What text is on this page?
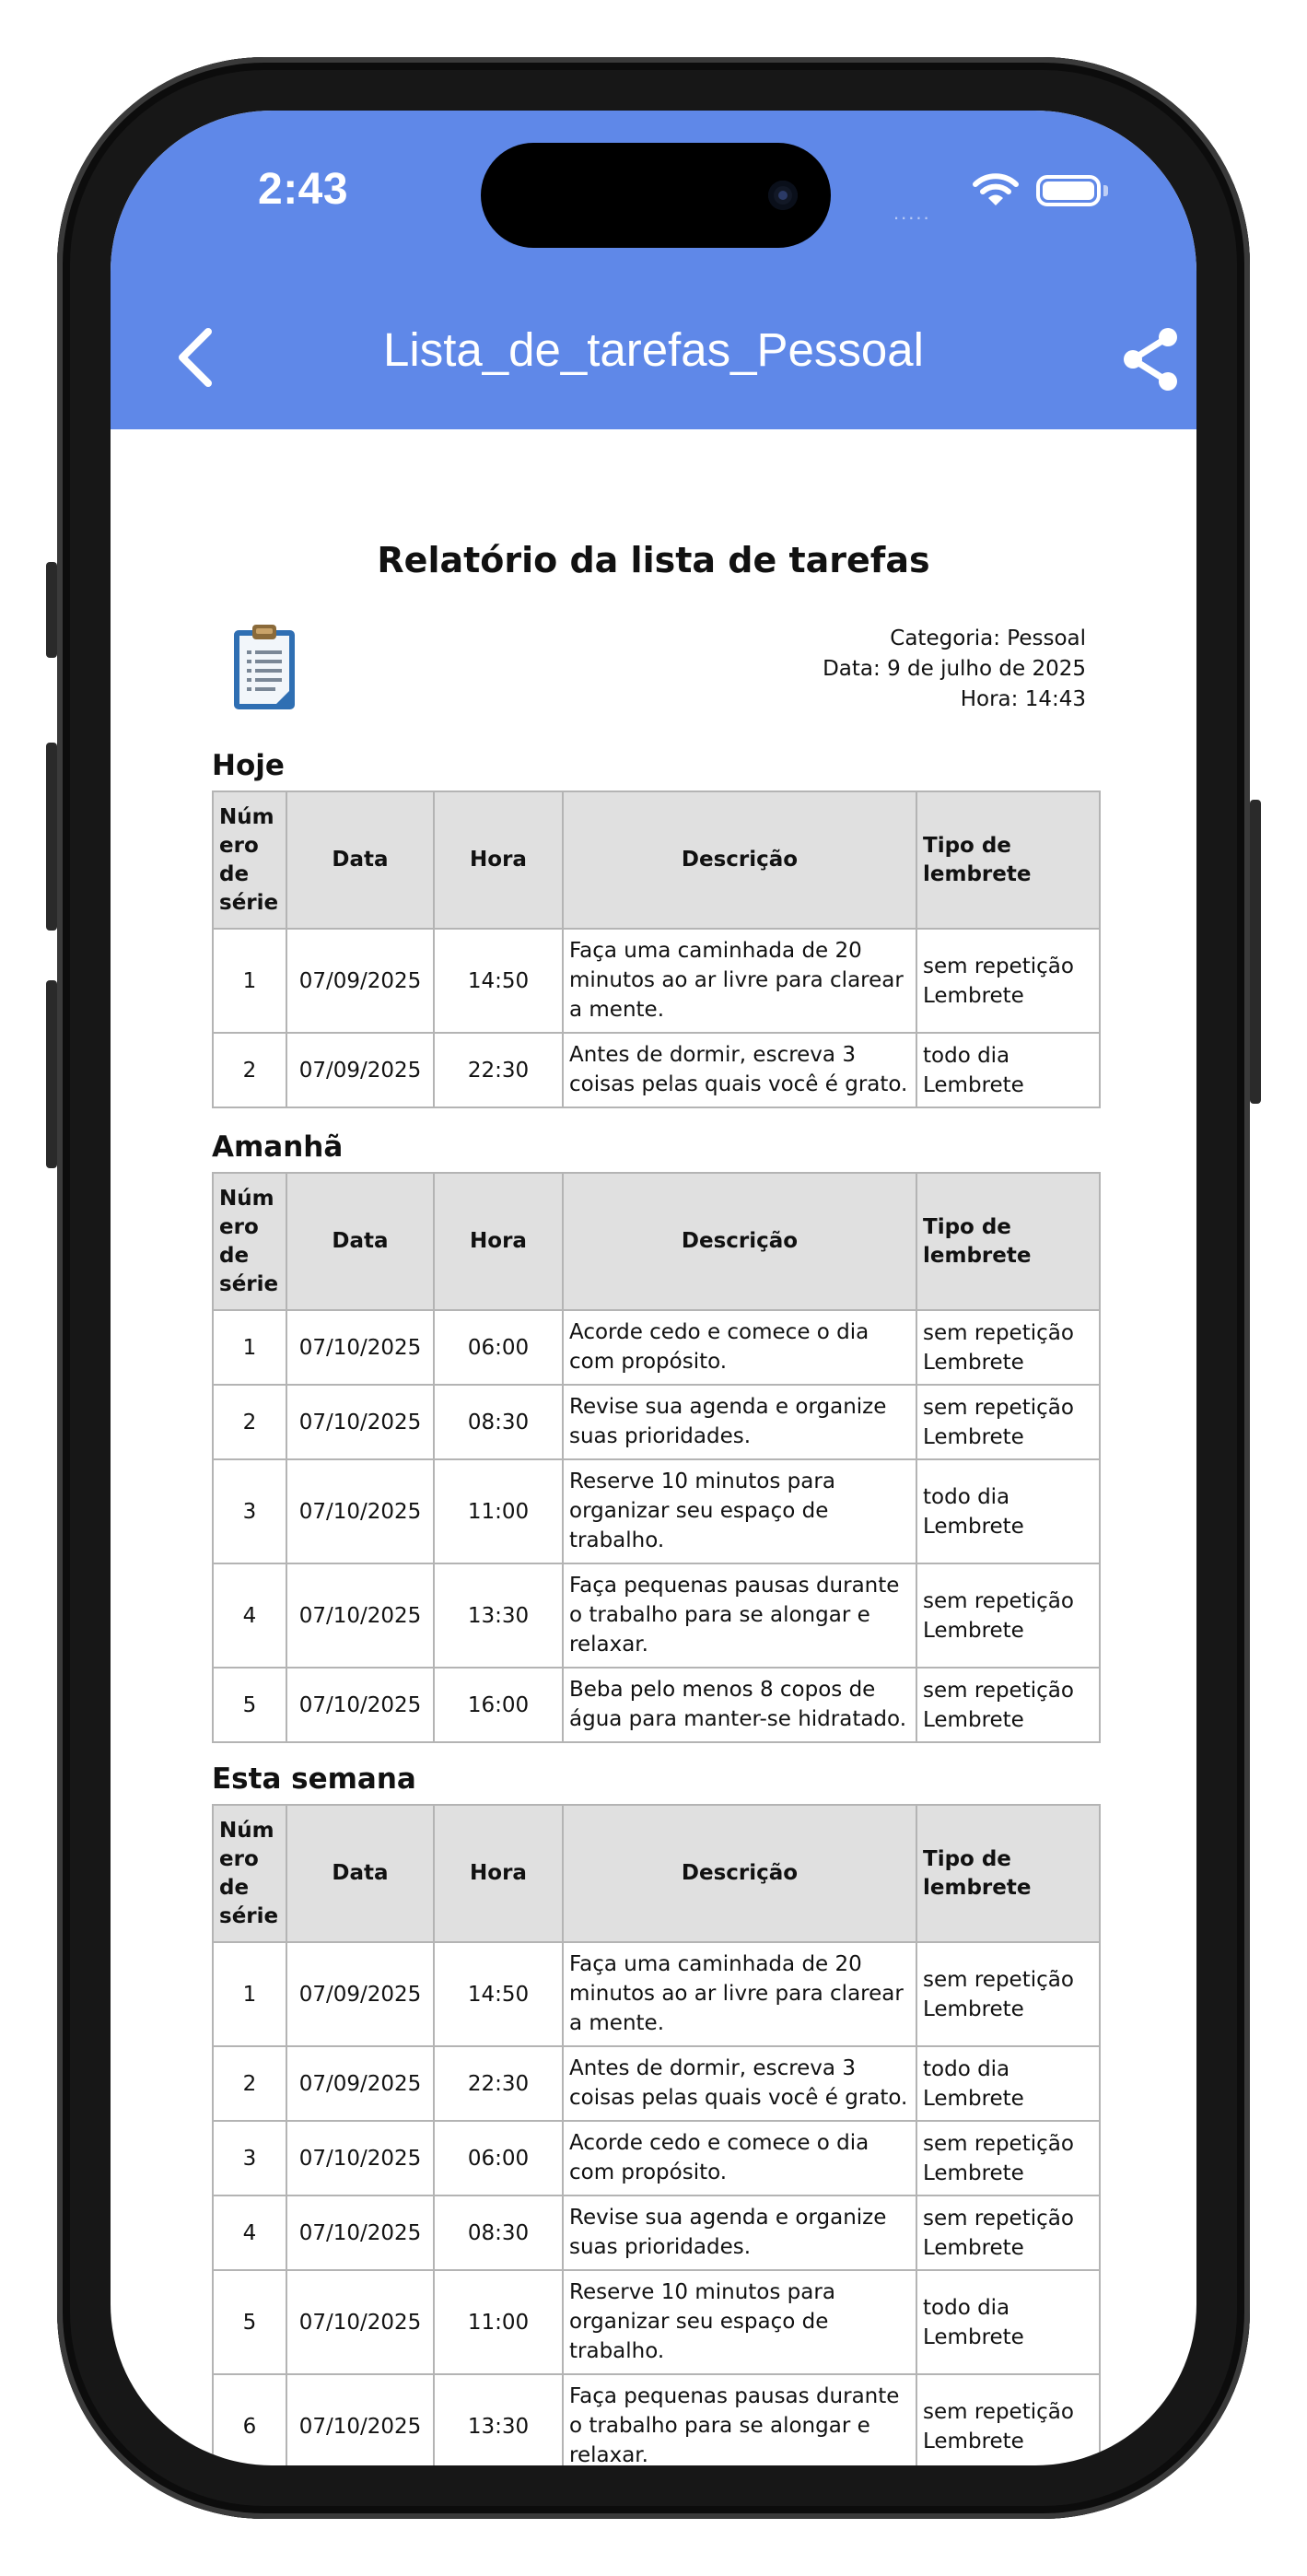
2:43	.....
Lista_de_tarefas_Pessoal
Relatório da lista de tarefas
Categoria: Pessoal
Data: 9 de julho de 2025
Hora: 14:43
Hoje
Núm ero de série	Data	Hora	Descrição	Tipo de lembrete
1	07/09/2025	14:50	Faça uma caminhada de 20 minutos ao ar livre para clarear a mente.	sem repetição
Lembrete

2	07/09/2025	22:30	Antes de dormir, escreva 3 coisas pelas quais você é grato.	todo dia
Lembrete
Amanhã
Núm ero de série	Data	Hora	Descrição	Tipo de lembrete
1	07/10/2025	06:00	Acorde cedo e comece o dia com propósito.	sem repetição
Lembrete

2	07/10/2025	08:30	Revise sua agenda e organize suas prioridades.	sem repetição
Lembrete

3	07/10/2025	11:00	Reserve 10 minutos para organizar seu espaço de trabalho.	todo dia
Lembrete

4	07/10/2025	13:30	Faça pequenas pausas durante o trabalho para se alongar e relaxar.	sem repetição
Lembrete

5	07/10/2025	16:00	Beba pelo menos 8 copos de água para manter-se hidratado.	sem repetição
Lembrete
Esta semana
Núm ero de série	Data	Hora	Descrição	Tipo de lembrete
1	07/09/2025	14:50	Faça uma caminhada de 20 minutos ao ar livre para clarear a mente.	sem repetição
Lembrete

2	07/09/2025	22:30	Antes de dormir, escreva 3 coisas pelas quais você é grato.	todo dia
Lembrete

3	07/10/2025	06:00	Acorde cedo e comece o dia com propósito.	sem repetição
Lembrete

4	07/10/2025	08:30	Revise sua agenda e organize suas prioridades.	sem repetição
Lembrete

5	07/10/2025	11:00	Reserve 10 minutos para organizar seu espaço de trabalho.	todo dia
Lembrete

6	07/10/2025	13:30	Faça pequenas pausas durante o trabalho para se alongar e relaxar.	sem repetição
Lembrete
